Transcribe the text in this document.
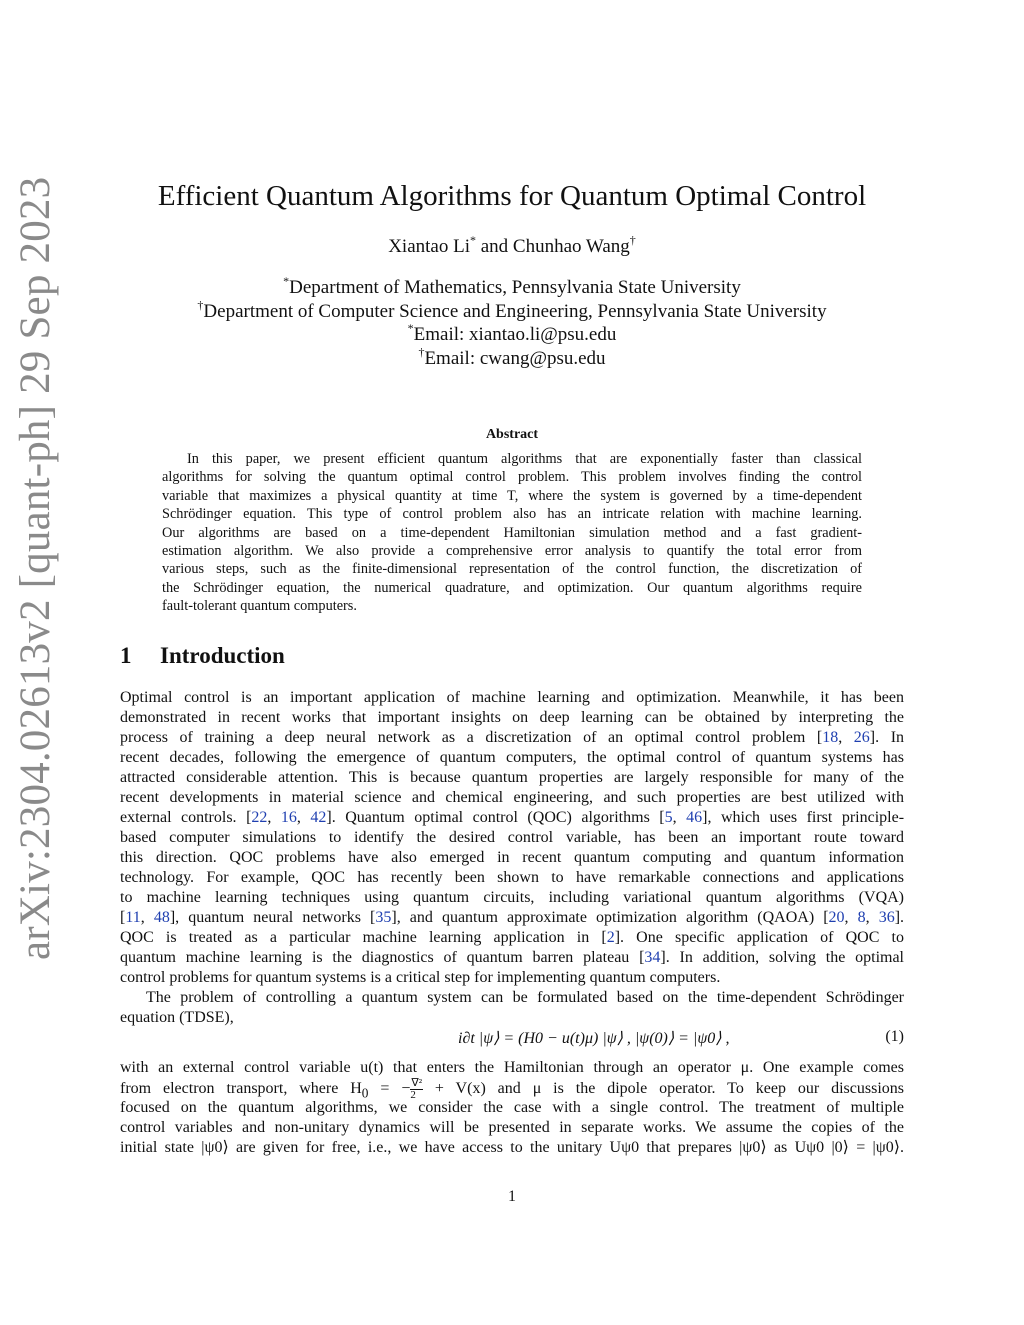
arXiv:2304.02613v2 [quant-ph] 29 Sep 2023	Efficient Quantum Algorithms for Quantum Optimal Control
Xiantao Li* and Chunhao Wang†
*Department of Mathematics, Pennsylvania State University
†Department of Computer Science and Engineering, Pennsylvania State University
*Email: xiantao.li@psu.edu
†Email: cwang@psu.edu
Abstract
In this paper, we present efficient quantum algorithms that are exponentially faster than classical
algorithms for solving the quantum optimal control problem. This problem involves finding the control
variable that maximizes a physical quantity at time T, where the system is governed by a time-dependent
Schrödinger equation. This type of control problem also has an intricate relation with machine learning.
Our algorithms are based on a time-dependent Hamiltonian simulation method and a fast gradient-
estimation algorithm. We also provide a comprehensive error analysis to quantify the total error from
various steps, such as the finite-dimensional representation of the control function, the discretization of
the Schrödinger equation, the numerical quadrature, and optimization. Our quantum algorithms require
fault-tolerant quantum computers.
1 Introduction
Optimal control is an important application of machine learning and optimization. Meanwhile, it has been
demonstrated in recent works that important insights on deep learning can be obtained by interpreting the
process of training a deep neural network as a discretization of an optimal control problem [18, 26]. In
recent decades, following the emergence of quantum computers, the optimal control of quantum systems has
attracted considerable attention. This is because quantum properties are largely responsible for many of the
recent developments in material science and chemical engineering, and such properties are best utilized with
external controls. [22, 16, 42]. Quantum optimal control (QOC) algorithms [5, 46], which uses first principle-
based computer simulations to identify the desired control variable, has been an important route toward
this direction. QOC problems have also emerged in recent quantum computing and quantum information
technology. For example, QOC has recently been shown to have remarkable connections and applications
to machine learning techniques using quantum circuits, including variational quantum algorithms (VQA)
[11, 48], quantum neural networks [35], and quantum approximate optimization algorithm (QAOA) [20, 8, 36].
QOC is treated as a particular machine learning application in [2]. One specific application of QOC to
quantum machine learning is the diagnostics of quantum barren plateau [34]. In addition, solving the optimal
control problems for quantum systems is a critical step for implementing quantum computers.
The problem of controlling a quantum system can be formulated based on the time-dependent Schrödinger
equation (TDSE),
i∂t |ψ⟩ = (H0 − u(t)μ) |ψ⟩ , |ψ(0)⟩ = |ψ0⟩ ,	(1)
with an external control variable u(t) that enters the Hamiltonian through an operator μ. One example comes
from electron transport, where $H_0$ = − $\frac{\text{∇²}}{2} + V(x)$ and μ is the dipole operator. To keep our discussions
focused on the quantum algorithms, we consider the case with a single control. The treatment of multiple
control variables and non-unitary dynamics will be presented in separate works. We assume the copies of the
initial state |ψ0⟩ are given for free, i.e., we have access to the unitary Uψ0 that prepares |ψ0⟩ as Uψ0 |0⟩ = |ψ0⟩.
1
